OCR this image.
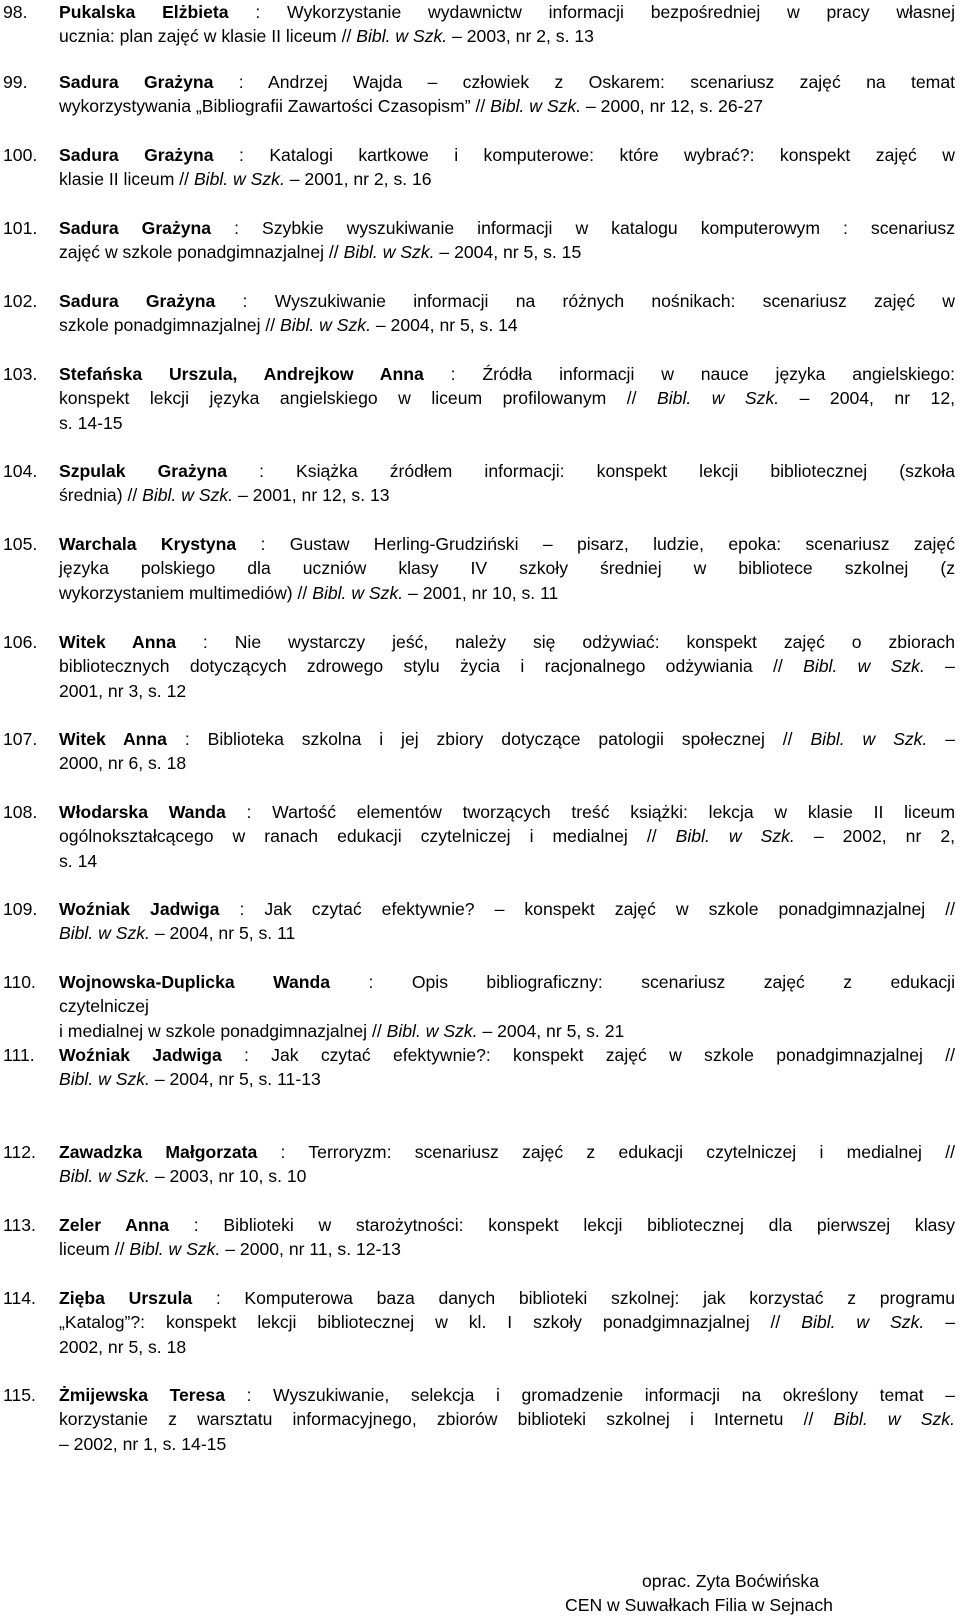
98. Pukalska Elżbieta : Wykorzystanie wydawnictw informacji bezpośredniej w pracy własnej
ucznia: plan zajęć w klasie II liceum // Bibl. w Szk. – 2003, nr 2, s. 13
99. Sadura Grażyna : Andrzej Wajda – człowiek z Oskarem: scenariusz zajęć na temat
wykorzystywania „Bibliografii Zawartości Czasopism” // Bibl. w Szk. – 2000, nr 12, s. 26-27
100. Sadura Grażyna : Katalogi kartkowe i komputerowe: które wybrać?: konspekt zajęć w
klasie II liceum // Bibl. w Szk. – 2001, nr 2, s. 16
101. Sadura Grażyna : Szybkie wyszukiwanie informacji w katalogu komputerowym : scenariusz
zajęć w szkole ponadgimnazjalnej // Bibl. w Szk. – 2004, nr 5, s. 15
102. Sadura Grażyna : Wyszukiwanie informacji na różnych nośnikach: scenariusz zajęć w
szkole ponadgimnazjalnej // Bibl. w Szk. – 2004, nr 5, s. 14
103. Stefańska Urszula, Andrejkow Anna : Źródła informacji w nauce języka angielskiego:
konspekt lekcji języka angielskiego w liceum profilowanym // Bibl. w Szk. – 2004, nr 12,
s. 14-15
104. Szpulak Grażyna : Książka źródłem informacji: konspekt lekcji bibliotecznej (szkoła
średnia) // Bibl. w Szk. – 2001, nr 12, s. 13
105. Warchala Krystyna : Gustaw Herling-Grudziński – pisarz, ludzie, epoka: scenariusz zajęć
języka polskiego dla uczniów klasy IV szkoły średniej w bibliotece szkolnej (z
wykorzystaniem multimediów) // Bibl. w Szk. – 2001, nr 10, s. 11
106. Witek Anna : Nie wystarczy jeść, należy się odżywiać: konspekt zajęć o zbiorach
bibliotecznych dotyczących zdrowego stylu życia i racjonalnego odżywiania // Bibl. w Szk. –
2001, nr 3, s. 12
107. Witek Anna : Biblioteka szkolna i jej zbiory dotyczące patologii społecznej // Bibl. w Szk. –
2000, nr 6, s. 18
108. Włodarska Wanda : Wartość elementów tworzących treść książki: lekcja w klasie II liceum
ogólnokształcącego w ranach edukacji czytelniczej i medialnej // Bibl. w Szk. – 2002, nr 2,
s. 14
109. Woźniak Jadwiga : Jak czytać efektywnie? – konspekt zajęć w szkole ponadgimnazjalnej //
Bibl. w Szk. – 2004, nr 5, s. 11
110. Wojnowska-Duplicka Wanda : Opis bibliograficzny: scenariusz zajęć z edukacji
czytelniczej
i medialnej w szkole ponadgimnazjalnej // Bibl. w Szk. – 2004, nr 5, s. 21
111. Woźniak Jadwiga : Jak czytać efektywnie?: konspekt zajęć w szkole ponadgimnazjalnej //
Bibl. w Szk. – 2004, nr 5, s. 11-13
112. Zawadzka Małgorzata : Terroryzm: scenariusz zajęć z edukacji czytelniczej i medialnej //
Bibl. w Szk. – 2003, nr 10, s. 10
113. Zeler Anna : Biblioteki w starożytności: konspekt lekcji bibliotecznej dla pierwszej klasy
liceum // Bibl. w Szk. – 2000, nr 11, s. 12-13
114. Zięba Urszula : Komputerowa baza danych biblioteki szkolnej: jak korzystać z programu
„Katalog”?: konspekt lekcji bibliotecznej w kl. I szkoły ponadgimnazjalnej // Bibl. w Szk. –
2002, nr 5, s. 18
115. Żmijewska Teresa : Wyszukiwanie, selekcja i gromadzenie informacji na określony temat –
korzystanie z warsztatu informacyjnego, zbiorów biblioteki szkolnej i Internetu // Bibl. w Szk.
– 2002, nr 1, s. 14-15
oprac. Zyta Boćwińska
CEN w Suwałkach Filia w Sejnach
